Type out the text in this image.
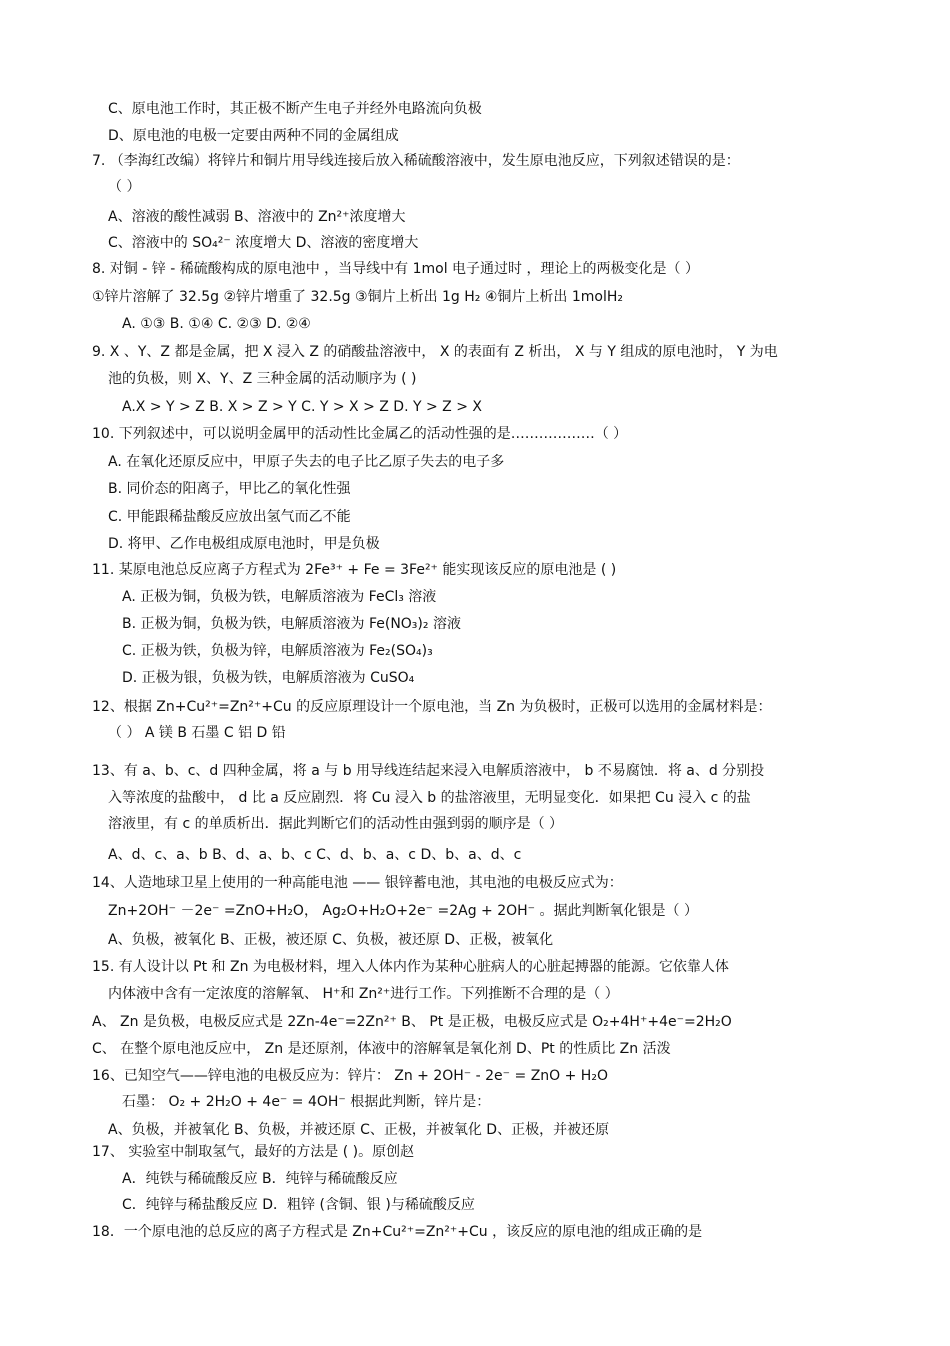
C、原电池工作时，其正极不断产生电子并经外电路流向负极

D、原电池的电极一定要由两种不同的金属组成

7. （李海红改编）将锌片和铜片用导线连接后放入稀硫酸溶液中，发生原电池反应，下列叙述错误的是：

（ ）

A、溶液的酸性减弱 B、溶液中的 Zn²⁺浓度增大

C、溶液中的 SO₄²⁻ 浓度增大 D、溶液的密度增大

8. 对铜 - 锌 - 稀硫酸构成的原电池中 ，当导线中有 1mol 电子通过时 ，理论上的两极变化是（ ）

①锌片溶解了 32.5g ②锌片增重了 32.5g ③铜片上析出 1g H₂ ④铜片上析出 1molH₂

A. ①③ B. ①④ C. ②③ D. ②④

9. X 、Y、Z 都是金属，把 X 浸入 Z 的硝酸盐溶液中， X 的表面有 Z 析出， X 与 Y 组成的原电池时， Y 为电

池的负极，则 X、Y、Z 三种金属的活动顺序为 ( )

A.X > Y > Z B. X > Z > Y C. Y > X > Z D. Y > Z > X

10. 下列叙述中，可以说明金属甲的活动性比金属乙的活动性强的是………………（ ）

A. 在氧化还原反应中，甲原子失去的电子比乙原子失去的电子多

B. 同价态的阳离子，甲比乙的氧化性强

C. 甲能跟稀盐酸反应放出氢气而乙不能

D. 将甲、乙作电极组成原电池时，甲是负极

11. 某原电池总反应离子方程式为 2Fe³⁺ + Fe = 3Fe²⁺ 能实现该反应的原电池是 ( )

A. 正极为铜，负极为铁，电解质溶液为 FeCl₃ 溶液

B. 正极为铜，负极为铁，电解质溶液为 Fe(NO₃)₂ 溶液

C. 正极为铁，负极为锌，电解质溶液为 Fe₂(SO₄)₃

D. 正极为银，负极为铁，电解质溶液为 CuSO₄

12、根据 Zn+Cu²⁺=Zn²⁺+Cu 的反应原理设计一个原电池，当 Zn 为负极时，正极可以选用的金属材料是：

（ ） A 镁 B 石墨 C 铝 D 铅

13、有 a、b、c、d 四种金属，将 a 与 b 用导线连结起来浸入电解质溶液中， b 不易腐蚀．将 a、d 分别投

入等浓度的盐酸中， d 比 a 反应剧烈．将 Cu 浸入 b 的盐溶液里，无明显变化．如果把 Cu 浸入 c 的盐

溶液里，有 c 的单质析出．据此判断它们的活动性由强到弱的顺序是（ ）

A、d、c、a、b B、d、a、b、c C、d、b、a、c D、b、a、d、c

14、人造地球卫星上使用的一种高能电池 —— 银锌蓄电池，其电池的电极反应式为：

Zn+2OH⁻ －2e⁻ =ZnO+H₂O， Ag₂O+H₂O+2e⁻ =2Ag + 2OH⁻ 。据此判断氧化银是（ ）

A、负极，被氧化 B、正极，被还原 C、负极，被还原 D、正极，被氧化

15. 有人设计以 Pt 和 Zn 为电极材料，埋入人体内作为某种心脏病人的心脏起搏器的能源。它依靠人体

内体液中含有一定浓度的溶解氧、 H⁺和 Zn²⁺进行工作。下列推断不合理的是（ ）

A、 Zn 是负极，电极反应式是 2Zn-4e⁻=2Zn²⁺ B、 Pt 是正极，电极反应式是 O₂+4H⁺+4e⁻=2H₂O

C、 在整个原电池反应中， Zn 是还原剂，体液中的溶解氧是氧化剂 D、Pt 的性质比 Zn 活泼

16、已知空气——锌电池的电极反应为：锌片： Zn + 2OH⁻ - 2e⁻ = ZnO + H₂O

石墨： O₂ + 2H₂O + 4e⁻ = 4OH⁻ 根据此判断，锌片是：

A、负极，并被氧化 B、负极，并被还原 C、正极，并被氧化 D、正极，并被还原

17、 实验室中制取氢气，最好的方法是 ( )。原创赵

A．纯铁与稀硫酸反应 B．纯锌与稀硫酸反应

C．纯锌与稀盐酸反应 D．粗锌 (含铜、银 )与稀硫酸反应

18．一个原电池的总反应的离子方程式是 Zn+Cu²⁺=Zn²⁺+Cu ，该反应的原电池的组成正确的是
